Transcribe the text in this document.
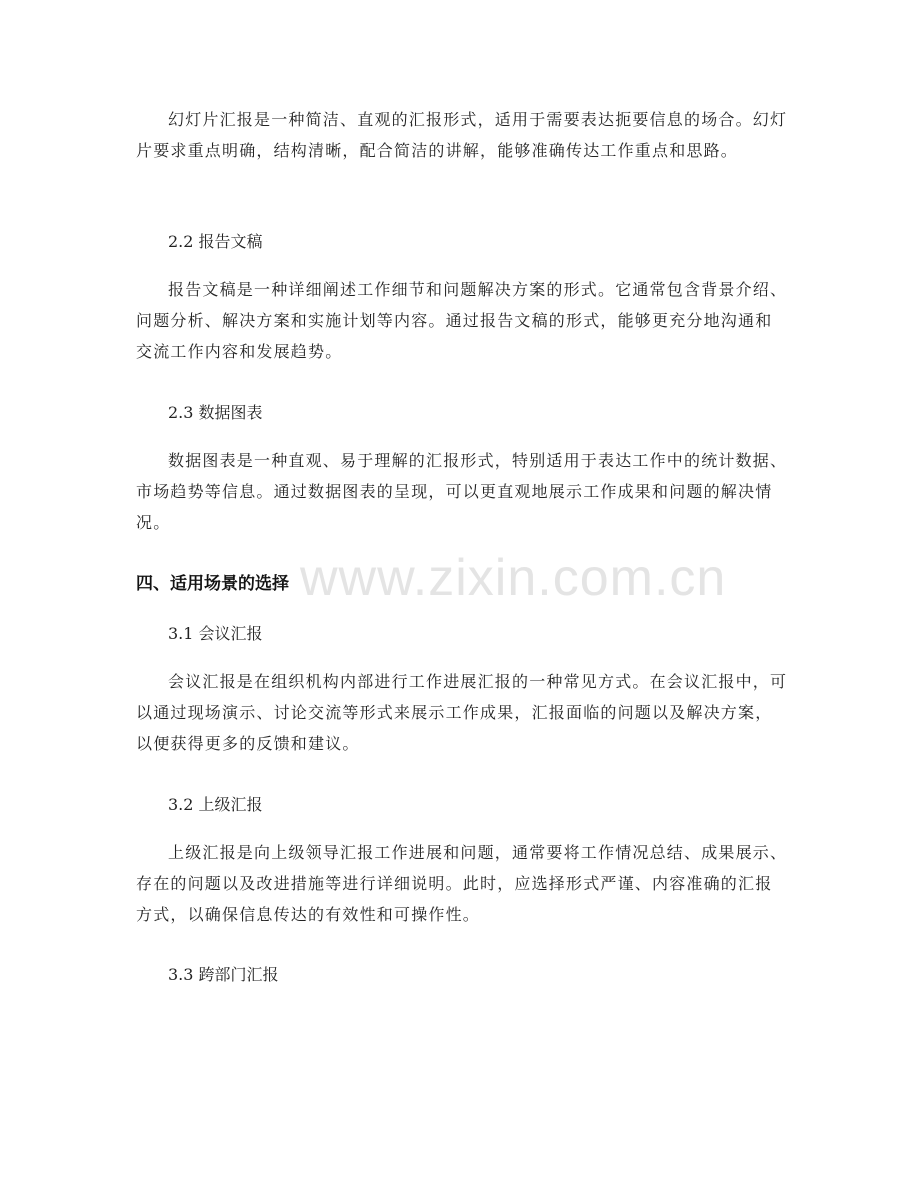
www.zixin.com.cn

幻灯片汇报是一种简洁、直观的汇报形式，适用于需要表达扼要信息的场合。幻灯片要求重点明确，结构清晰，配合简洁的讲解，能够准确传达工作重点和思路。

2.2 报告文稿

报告文稿是一种详细阐述工作细节和问题解决方案的形式。它通常包含背景介绍、问题分析、解决方案和实施计划等内容。通过报告文稿的形式，能够更充分地沟通和交流工作内容和发展趋势。

2.3 数据图表

数据图表是一种直观、易于理解的汇报形式，特别适用于表达工作中的统计数据、市场趋势等信息。通过数据图表的呈现，可以更直观地展示工作成果和问题的解决情况。

四、适用场景的选择

3.1 会议汇报

会议汇报是在组织机构内部进行工作进展汇报的一种常见方式。在会议汇报中，可以通过现场演示、讨论交流等形式来展示工作成果，汇报面临的问题以及解决方案，以便获得更多的反馈和建议。

3.2 上级汇报

上级汇报是向上级领导汇报工作进展和问题，通常要将工作情况总结、成果展示、存在的问题以及改进措施等进行详细说明。此时，应选择形式严谨、内容准确的汇报方式，以确保信息传达的有效性和可操作性。

3.3 跨部门汇报
